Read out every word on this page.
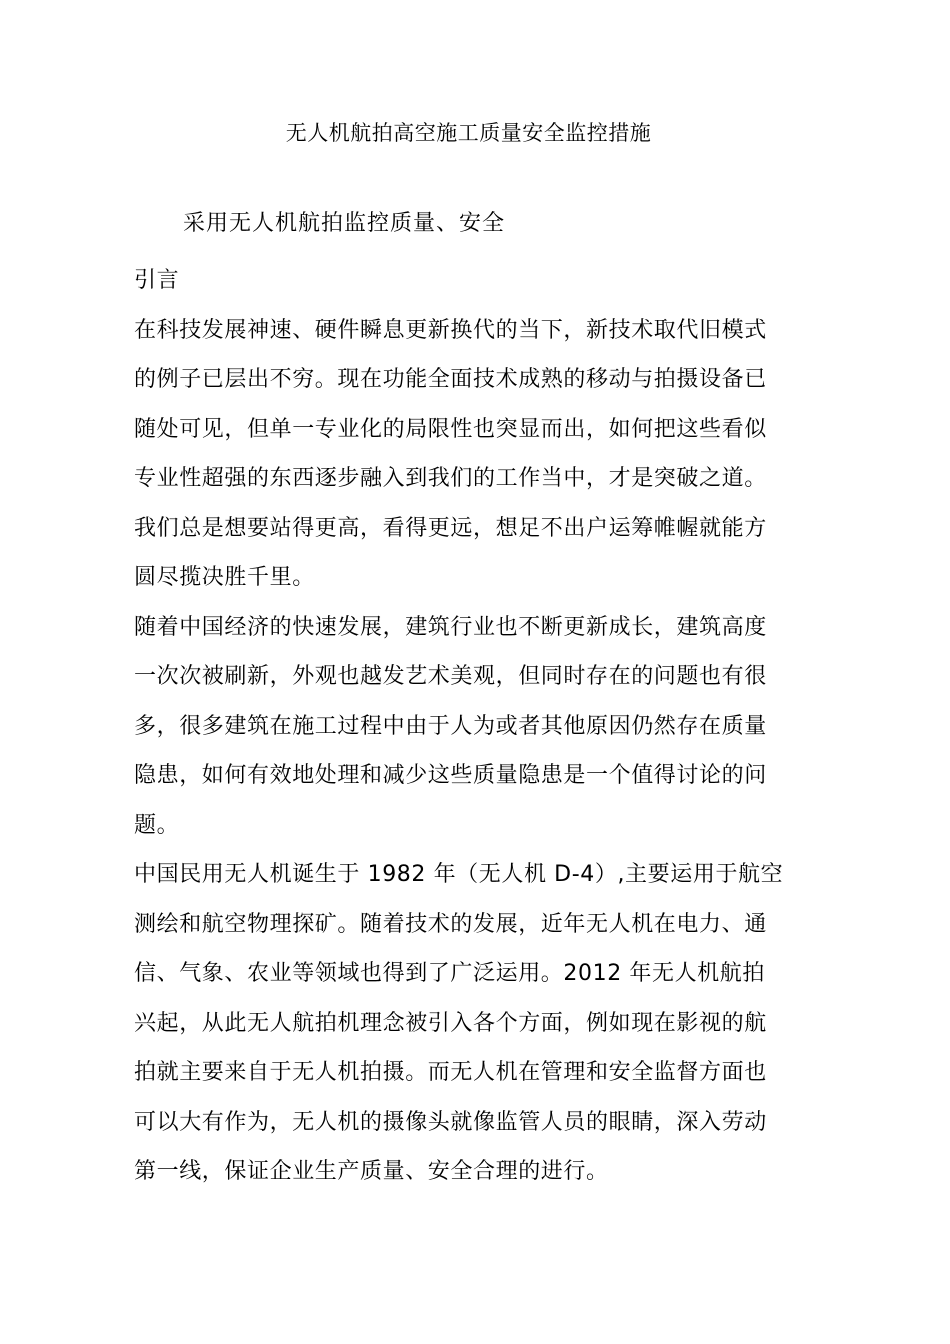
无人机航拍高空施工质量安全监控措施
采用无人机航拍监控质量、安全
引言
在科技发展神速、硬件瞬息更新换代的当下，新技术取代旧模式
的例子已层出不穷。现在功能全面技术成熟的移动与拍摄设备已
随处可见，但单一专业化的局限性也突显而出，如何把这些看似
专业性超强的东西逐步融入到我们的工作当中，才是突破之道。
我们总是想要站得更高，看得更远，想足不出户运筹帷幄就能方
圆尽揽决胜千里。
随着中国经济的快速发展，建筑行业也不断更新成长，建筑高度
一次次被刷新，外观也越发艺术美观，但同时存在的问题也有很
多，很多建筑在施工过程中由于人为或者其他原因仍然存在质量
隐患，如何有效地处理和减少这些质量隐患是一个值得讨论的问
题。
中国民用无人机诞生于 1982 年（无人机 D-4）,主要运用于航空
测绘和航空物理探矿。随着技术的发展，近年无人机在电力、通
信、气象、农业等领域也得到了广泛运用。2012 年无人机航拍
兴起，从此无人航拍机理念被引入各个方面，例如现在影视的航
拍就主要来自于无人机拍摄。而无人机在管理和安全监督方面也
可以大有作为，无人机的摄像头就像监管人员的眼睛，深入劳动
第一线，保证企业生产质量、安全合理的进行。
